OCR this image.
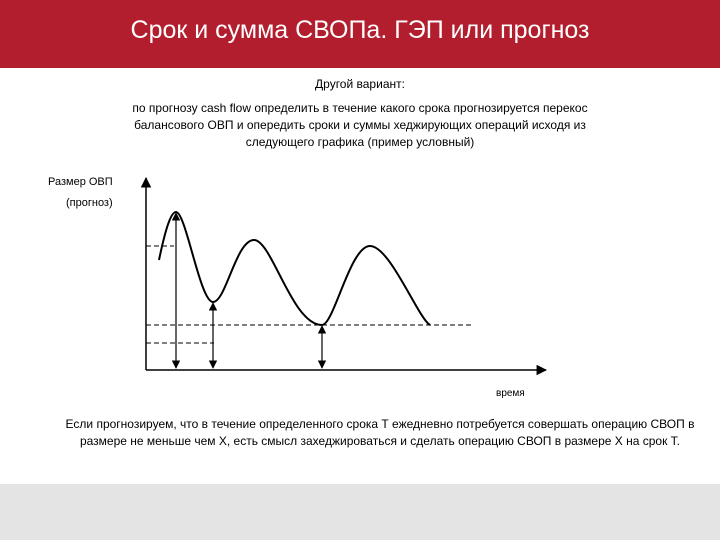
Срок и сумма СВОПа. ГЭП или прогноз
Другой вариант:
по прогнозу cash flow определить в течение какого срока прогнозируется перекос балансового ОВП и опередить сроки и суммы хеджирующих операций исходя из следующего графика (пример условный)
Размер ОВП
(прогноз)
время
Если прогнозируем, что в течение определенного срока Т ежедневно потребуется совершать операцию СВОП в размере не меньше чем X, есть смысл захеджироваться и сделать операцию СВОП в размере Х на срок Т.
